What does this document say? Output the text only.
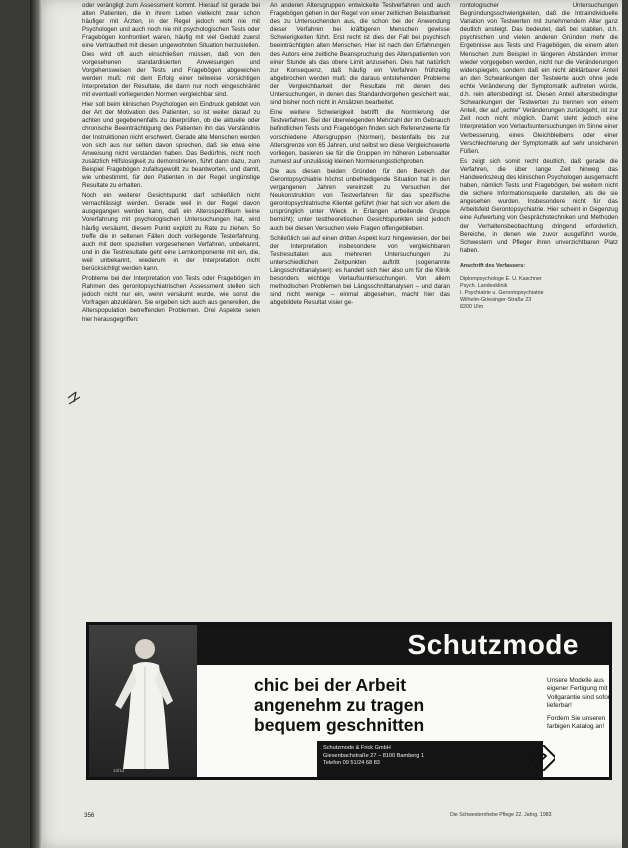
oder verängligt zum Assessment kommt. Hierauf ist gerade bei alten Patienten, die in ihrem Leben vielleicht zwar schon häufiger mit Ärzten, in der Regel jedoch wohl nie mit Psychologen und auch noch nie mit psychologischen Tests oder Fragebögen konfrontiert waren, häufig mit viel Geduld zuerst eine Vertrautheit mit diesen ungewohnten Situation herzustellen. Dies wird oft auch einschließen müssen, daß von den vorgesehenen standardisierten Anweisungen und Vorgehensweisen der Tests und Fragebögen abgewichen werden muß: mit dem Erfolg einer teilweise vorsichtigen Interpretation der Resultate, die dann nur noch eingeschränkt mit eventuell vorliegenden Normen vergleichbar sind.

Hier soll beim klinischen Psychologen ein Eindruck gebildet von der Art der Motivation des Patienten, so ist weiter darauf zu achten und gegebenenfalls zu überprüfen, ob die aktuelle oder chronische Beeinträchtigung des Patienten ihn das Verständnis der Instruktionen nicht erschwert. Gerade alte Menschen werden von sich aus nur selten davon sprechen, daß sie etwa eine Anweisung nicht verstanden haben. Das Bedürfnis, nicht noch zusätzlich Hilfslosigkeit zu demonstrieren, führt dann dazu, zum Beispiel Fragebögen zufallsgewollt zu beantworten, und damit, wie unbestimmt, für den Patienten in der Regel ungünstige Resultate zu erhalten.

Noch ein weiterer Gesichtspunkt darf schließlich nicht vernachlässigt werden. Gerade weil in der Regel davon ausgegangen werden kann, daß ein Altersspezifikum keine Vorerfahrung mit psychologischen Untersuchungen hat, wird häufig versäumt, diesem Punkt explizit zu Rate zu ziehen. So treffe die in seltenen Fällen doch vorliegende Testerfahrung, auch mit dem speziellen vorgesehenen Verfahren, unbekannt, und in die Testresultate geht eine Lernkomponente mit ein, die, weil unbekannt, wiederum in der Interpretation nicht berücksichtigt werden kann.

Probleme bei der Interpretation von Tests oder Fragebögen im Rahmen des gerontopsychiatrischen Assessment stellen sich jedoch nicht nur ein, wenn versäumt wurde, wie sonst die Vorfragen abzuklären. Sie ergeben sich auch aus generellen, die Alterspopulation betreffenden Problemen. Drei Aspekte seien hier herausgegriffen:

An anderen Altersgruppen entwickelte Testverfahren und auch Fragebögen gehen in der Regel von einer zeitlichen Belastbarkeit des zu Untersuchenden aus, die schon bei der Anwendung dieser Verfahren bei kräftigeren Menschen gewisse Schwierigkeiten führt. Erst recht ist dies der Fall bei psychisch beeinträchtigten alten Menschen. Hier ist nach den Erfahrungen des Autors eine zeitliche Beanspruchung des Alterspatienten von einer Stunde als das obere Limit anzusehen. Dies hat natürlich zur Konsequenz, daß häufig ein Verfahren frühzeitig abgebrochen werden muß: die daraus entstehenden Probleme der Vergleichbarkeit der Resultate mit denen des Untersuchungen, in denen das Standardvorgehen gesichert war, sind bisher noch nicht in Ansätzen bearbeitet.

Eine weitere Schwierigkeit betrifft die Normierung der Testverfahren. Bei der überwiegenden Mehrzahl der im Gebrauch befindlichen Tests und Fragebögen finden sich Referenzwerte für vorschiedene Altersgruppen (Normen), bestenfalls bis zur Altersgrenze von 65 Jahren, und selbst wo diese Vergleichswerte vorliegen, basieren sie für die Gruppen im höheren Lebensalter zumeist auf unzulässig kleinen Normierungsstichproben.

Die aus diesen beiden Gründen für den Bereich der Gerontopsychiatrie höchst unbefriedigende Situation hat in den vergangenen Jahren vereinzelt zu Versuchen der Neukonstruktion von Testverfahren für das spezifische gerontopsychiatrische Klientel geführt (hier hat sich vor allem die ursprünglich unter Wieck in Erlangen arbeitende Gruppe bemüht); unter testtheoretischen Gesichtspunkten sind jedoch auch bei diesen Versuchen viele Fragen offengeblieben.

Schließlich sei auf einen dritten Aspekt kurz hingewiesen, der bei der Interpretation insbesondere von vergleichbaren Testresultaten aus mehreren Untersuchungen zu unterschiedlichen Zeitpunkten auftritt (sogenannte Längsschnittanalysen): es handelt sich hier also um für die Klinik besonders wichtige Verlaufsuntersuchungen. Von allem methodischen Problemen bei Längsschnittanalysen – und daran sind nicht wenige – einmal abgesehen, macht hier das abgebildete Resultat visier ge-

rontologischer Untersuchungen Begründungsschwierigkeiten, daß die Intraindividuelle Variation von Testwerten mit zunehmendem Alter ganz deutlich ansteigt. Das bedeutet, daß bei stabilen, d.h. psychischen und vielen anderen Gründen mehr die Ergebnisse aus Tests und Fragebögen, die einem alten Menschen zum Beispiel in längeren Abständen immer wieder vorgegeben werden, nicht nur die Veränderungen widerspiegeln, sondern daß ein nicht abklärbarer Anteil an den Schwankungen der Testwerte auch ohne jede echte Veränderung der Symptomatik auftreten würde, d.h. rein altersbedingt ist. Diesen Anteil altersbedingter Schwankungen der Testwerten zu trennen von einem Anteil, der auf „echte“ Veränderungen zurückgeht, ist zur Zeit noch nicht möglich. Damit steht jedoch eine Interpretation von Verlaufsuntersuchungen im Sinne einer Verbesserung, eines Gleichbleibens oder einer Verschlechterung der Symptomatik auf sehr unsicheren Füßen.

Es zeigt sich somit recht deutlich, daß gerade die Verfahren, die über lange Zeit hinweg das Handwerkszeug des klinischen Psychologen ausgemacht haben, nämlich Tests und Fragebögen, bei weitem nicht die sichere Informationsquelle darstellen, als die sie angesehen wurden. Insbesondere nicht für das Arbeitsfeld Gerontopsychiatrie. Hier scheint in Gegenzug eine Aufwertung von Gesprächstechniken und Methoden der Verhaltensbeobachtung dringend erforderlich, Bereiche, in denen wie zuvor ausgeführt wurde, Schwestern und Pfleger ihren unverzichtbaren Platz haben.

Anschrift des Verfassers:
Diplompsychologe E. U. Kaschner
Psych. Landesklinik
I. Psychiatrie u. Gerontopsychiatrie
Wilhelm-Griesinger-Straße 23
8200 Ulm
13/14
Schutzmode
chic bei der Arbeit
angenehm zu tragen
bequem geschnitten

Unsere Modelle aus eigener Fertigung mit Vollgarantie sind sofort lieferbar!

Fordern Sie unseren farbigen Katalog an!

Schutzmode & Frick GmbH
Giesenbachstraße 27 – 8100 Bamberg 1
Telefon 09 51/24 68 83
356	Die Schwesternhebe Pflege 22. Jahrg. 1983
